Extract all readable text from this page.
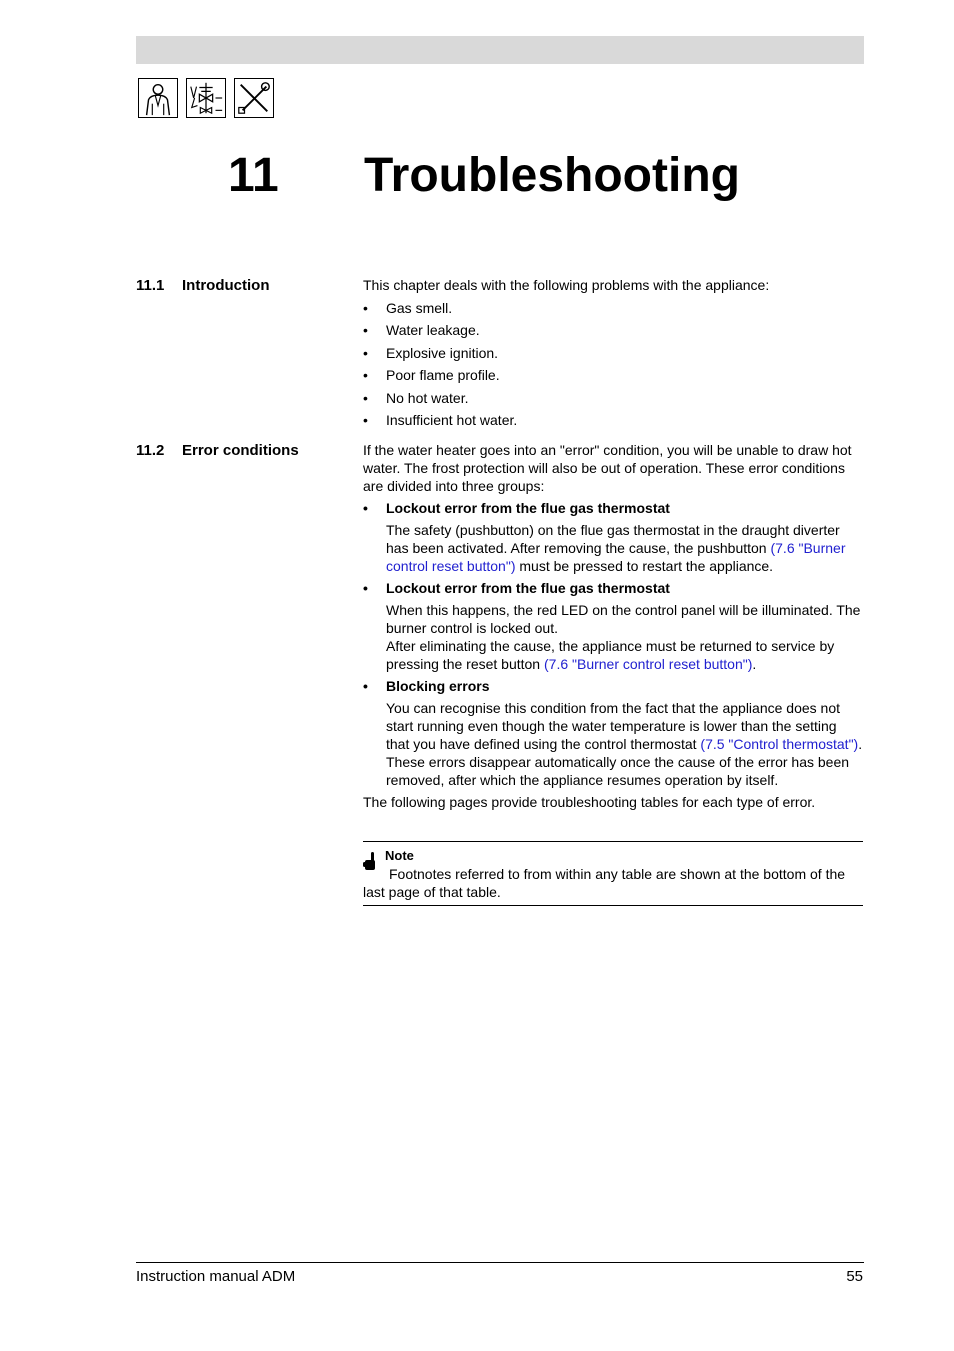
11 Troubleshooting
11.1 Introduction	This chapter deals with the following problems with the appliance:

• Gas smell.
• Water leakage.
• Explosive ignition.
• Poor flame profile.
• No hot water.
• Insufficient hot water.
11.2 Error conditions	If the water heater goes into an "error" condition, you will be unable to draw hot water. The frost protection will also be out of operation. These error conditions are divided into three groups:

• Lockout error from the flue gas thermostat
The safety (pushbutton) on the flue gas thermostat in the draught diverter has been activated. After removing the cause, the pushbutton (7.6 "Burner control reset button") must be pressed to restart the appliance.
• Lockout error from the flue gas thermostat
When this happens, the red LED on the control panel will be illuminated. The burner control is locked out.
After eliminating the cause, the appliance must be returned to service by pressing the reset button (7.6 "Burner control reset button").
• Blocking errors
You can recognise this condition from the fact that the appliance does not start running even though the water temperature is lower than the setting that you have defined using the control thermostat (7.5 "Control thermostat").
These errors disappear automatically once the cause of the error has been removed, after which the appliance resumes operation by itself.

The following pages provide troubleshooting tables for each type of error.

Note
Footnotes referred to from within any table are shown at the bottom of the last page of that table.
Instruction manual ADM	55
